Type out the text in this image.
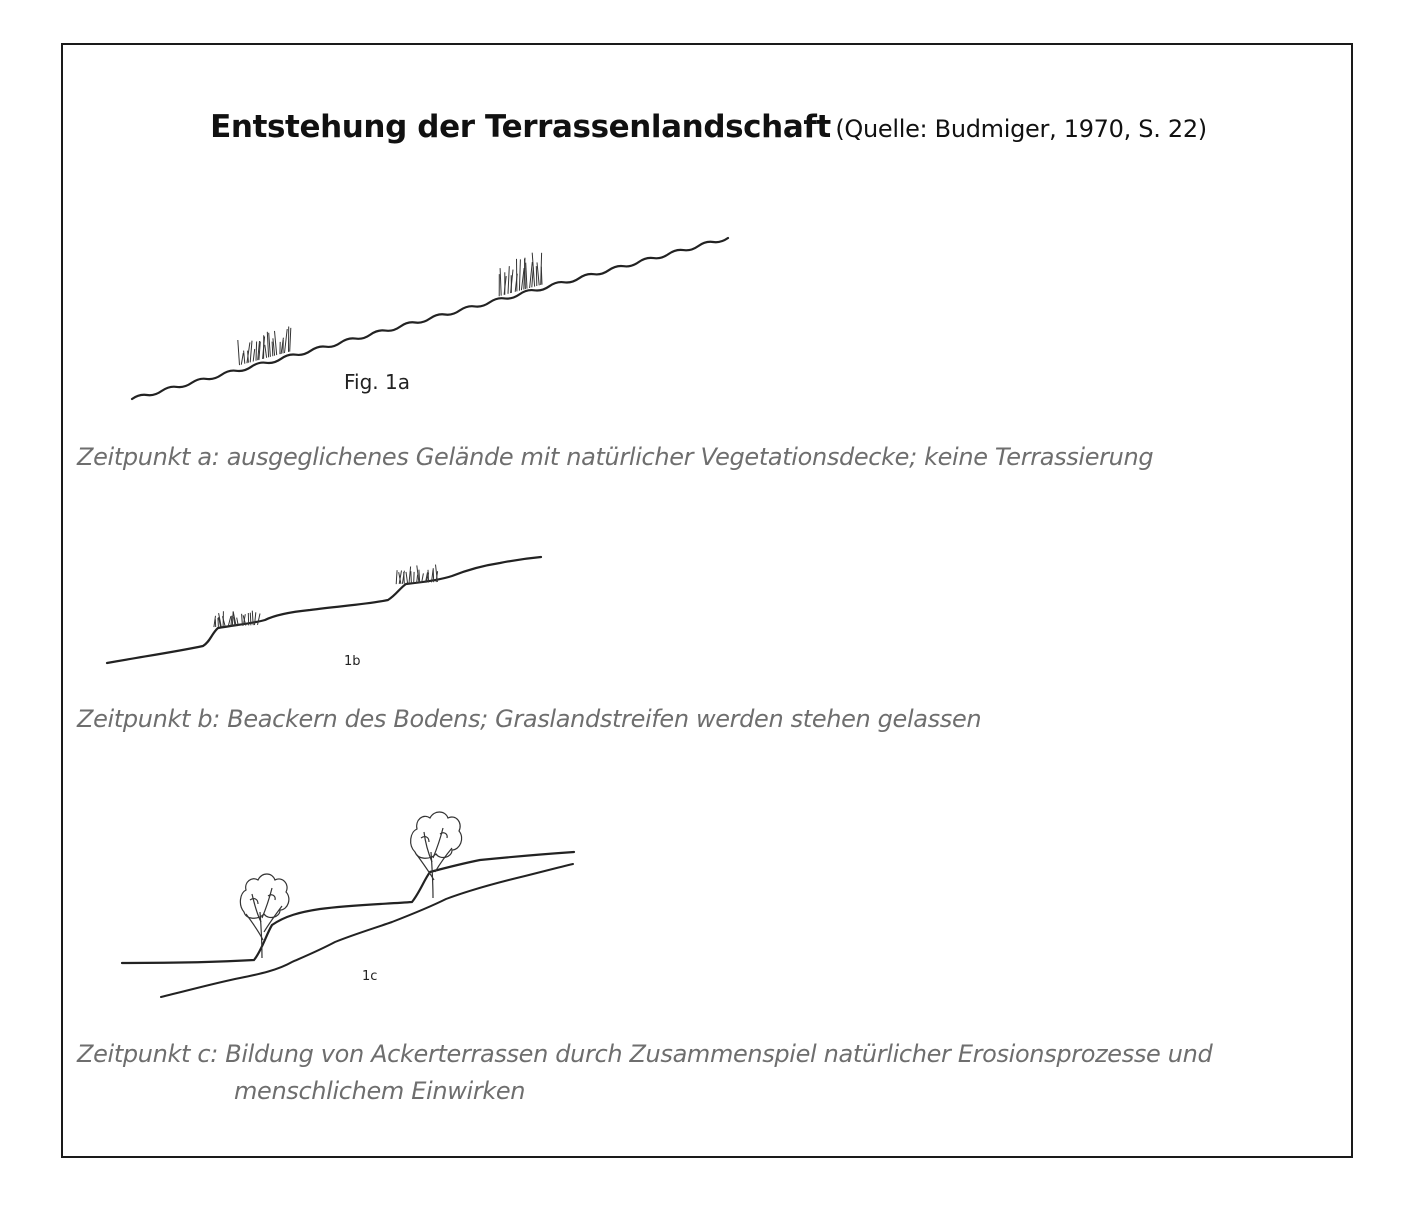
Entstehung der Terrassenlandschaft (Quelle: Budmiger, 1970, S. 22)
Fig. 1a
Zeitpunkt a: ausgeglichenes Gelände mit natürlicher Vegetationsdecke; keine Terrassierung
1b
Zeitpunkt b: Beackern des Bodens; Graslandstreifen werden stehen gelassen
1c
Zeitpunkt c: Bildung von Ackerterrassen durch Zusammenspiel natürlicher Erosionsprozesse und
menschlichem Einwirken
